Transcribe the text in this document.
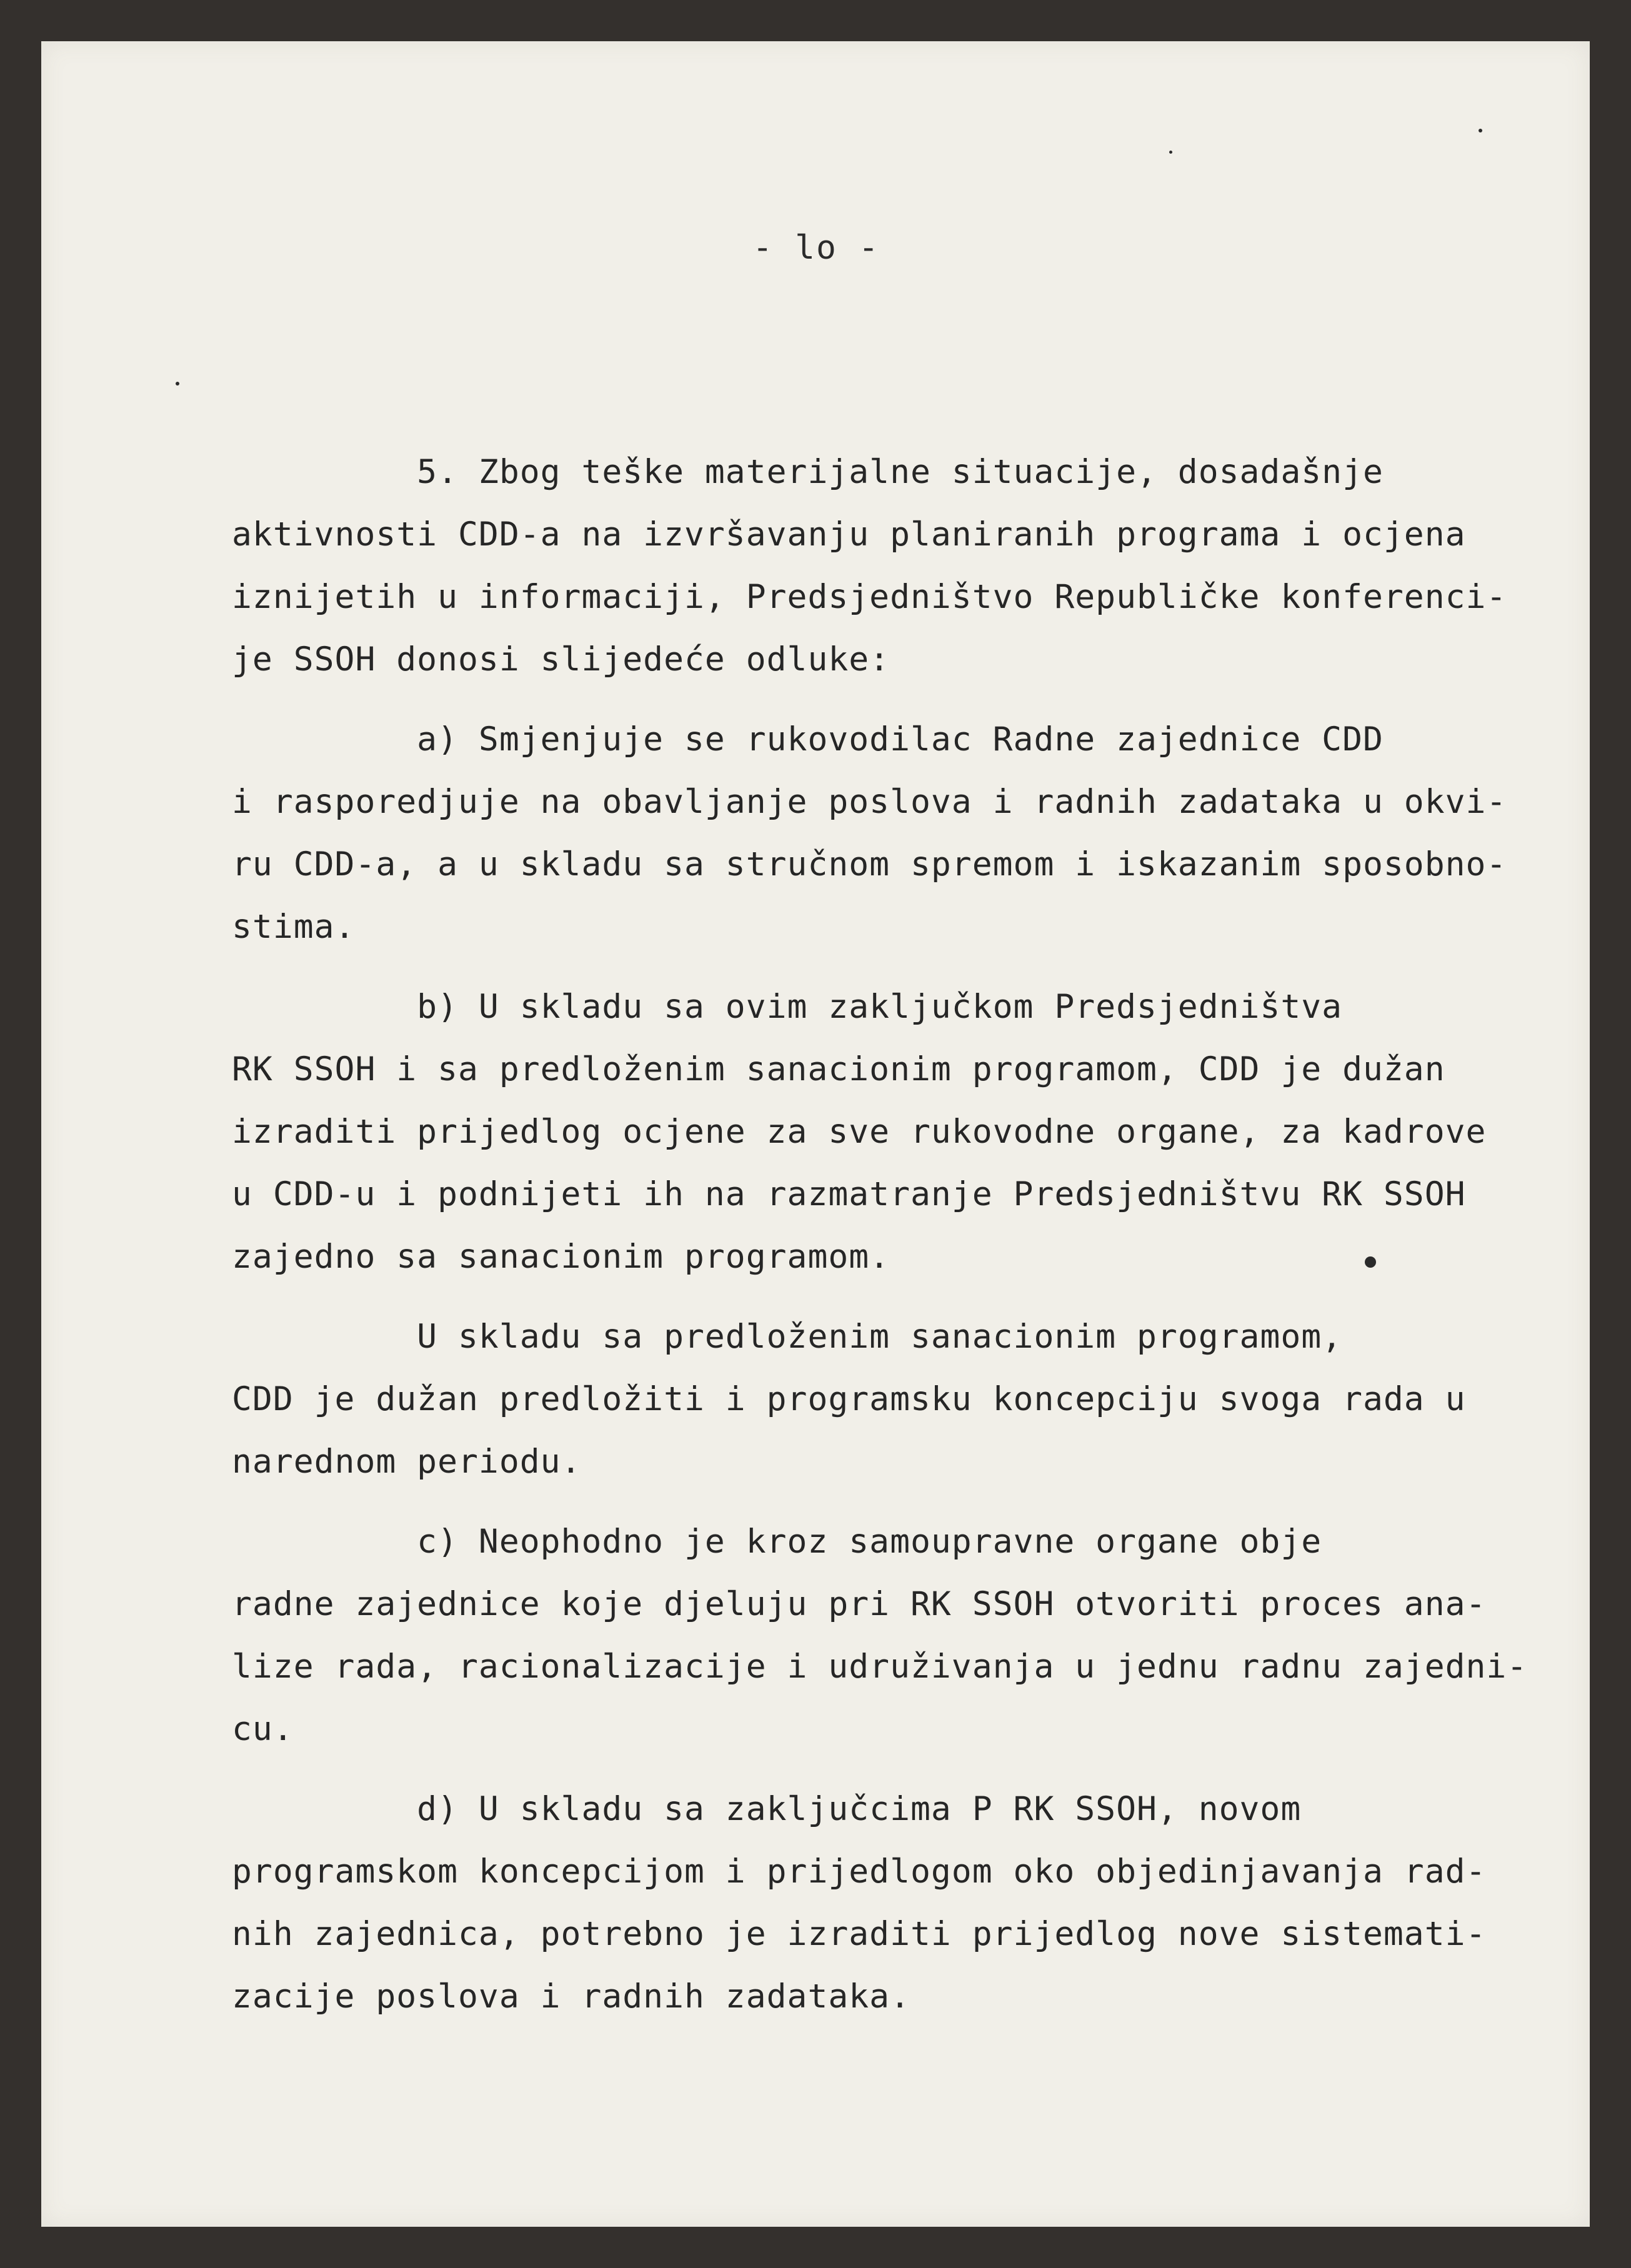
- lo -
5. Zbog teške materijalne situacije, dosadašnje
aktivnosti CDD-a na izvršavanju planiranih programa i ocjena
iznijetih u informaciji, Predsjedništvo Republičke konferenci-
je SSOH donosi slijedeće odluke:
a) Smjenjuje se rukovodilac Radne zajednice CDD
i rasporedjuje na obavljanje poslova i radnih zadataka u okvi-
ru CDD-a, a u skladu sa stručnom spremom i iskazanim sposobno-
stima.
b) U skladu sa ovim zaključkom Predsjedništva
RK SSOH i sa predloženim sanacionim programom, CDD je dužan
izraditi prijedlog ocjene za sve rukovodne organe, za kadrove
u CDD-u i podnijeti ih na razmatranje Predsjedništvu RK SSOH
zajedno sa sanacionim programom.
U skladu sa predloženim sanacionim programom,
CDD je dužan predložiti i programsku koncepciju svoga rada u
narednom periodu.
c) Neophodno je kroz samoupravne organe obje
radne zajednice koje djeluju pri RK SSOH otvoriti proces ana-
lize rada, racionalizacije i udruživanja u jednu radnu zajedni-
cu.
d) U skladu sa zaključcima P RK SSOH, novom
programskom koncepcijom i prijedlogom oko objedinjavanja rad-
nih zajednica, potrebno je izraditi prijedlog nove sistemati-
zacije poslova i radnih zadataka.
